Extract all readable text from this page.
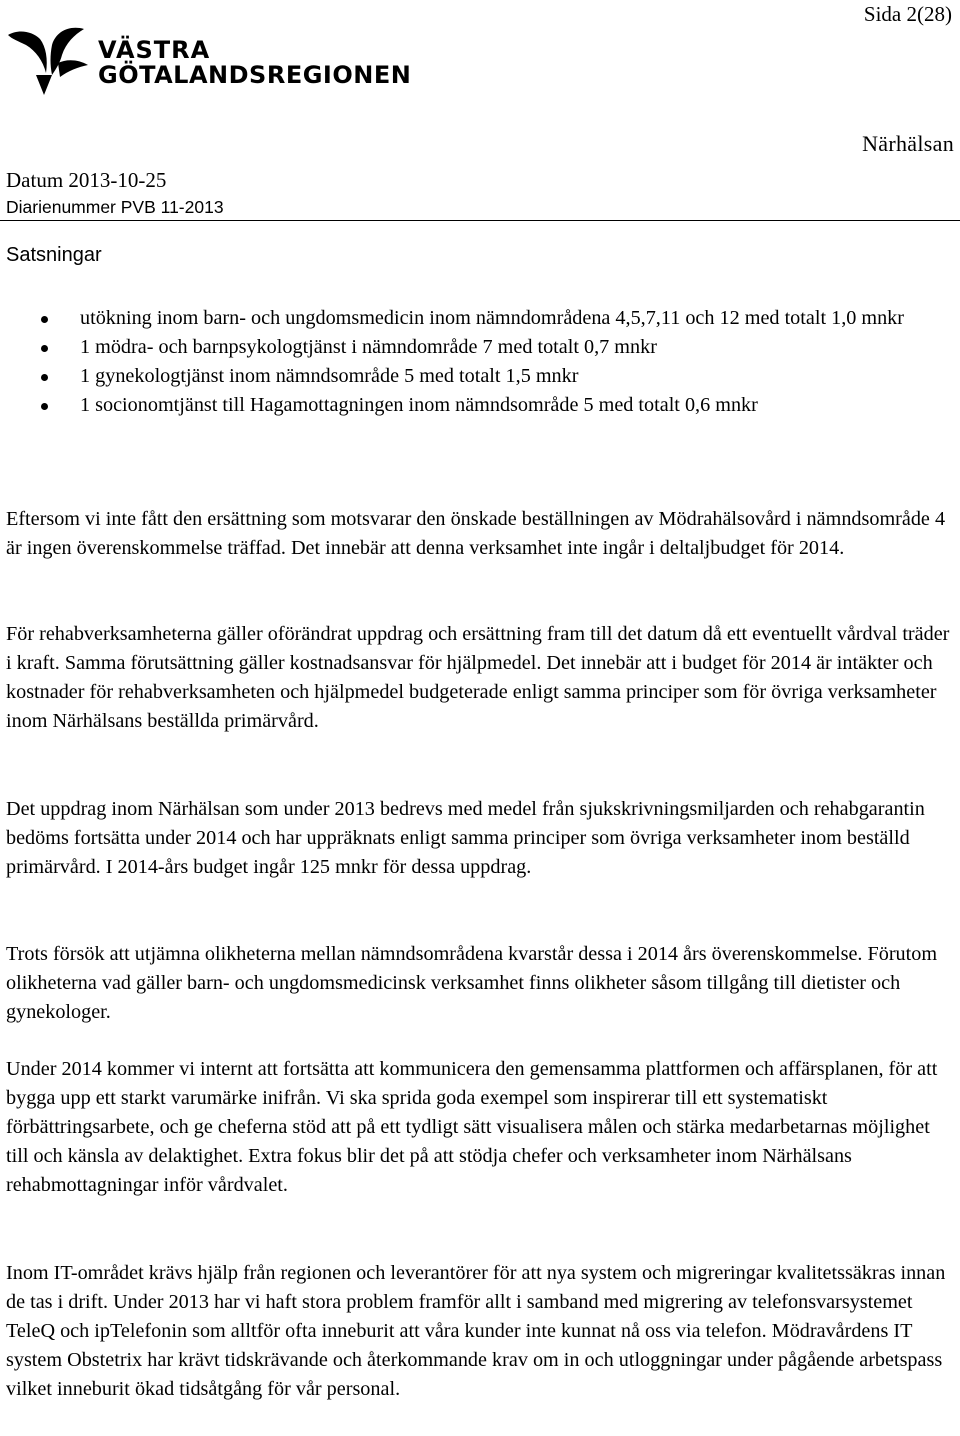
Sida 2(28)
VÄSTRA
GÖTALANDSREGIONEN
Närhälsan
Datum 2013-10-25
Diarienummer PVB 11-2013
Satsningar
utökning inom barn- och ungdomsmedicin inom nämndområdena 4,5,7,11 och 12 med totalt 1,0 mnkr
1 mödra- och barnpsykologtjänst i nämndområde 7 med totalt 0,7 mnkr
1 gynekologtjänst inom nämndsområde 5 med totalt 1,5 mnkr
1 socionomtjänst till Hagamottagningen inom nämndsområde 5 med totalt 0,6 mnkr

Eftersom vi inte fått den ersättning som motsvarar den önskade beställningen av Mödrahälsovård i nämndsområde 4 är ingen överenskommelse träffad. Det innebär att denna verksamhet inte ingår i deltaljbudget för 2014.

För rehabverksamheterna gäller oförändrat uppdrag och ersättning fram till det datum då ett eventuellt vårdval träder i kraft. Samma förutsättning gäller kostnadsansvar för hjälpmedel. Det innebär att i budget för 2014 är intäkter och kostnader för rehabverksamheten och hjälpmedel budgeterade enligt samma principer som för övriga verksamheter inom Närhälsans beställda primärvård.

Det uppdrag inom Närhälsan som under 2013 bedrevs med medel från sjukskrivningsmiljarden och rehabgarantin bedöms fortsätta under 2014 och har uppräknats enligt samma principer som övriga verksamheter inom beställd primärvård. I 2014-års budget ingår 125 mnkr för dessa uppdrag.

Trots försök att utjämna olikheterna mellan nämndsområdena kvarstår dessa i 2014 års överenskommelse. Förutom olikheterna vad gäller barn- och ungdomsmedicinsk verksamhet finns olikheter såsom tillgång till dietister och gynekologer.

Under 2014 kommer vi internt att fortsätta att kommunicera den gemensamma plattformen och affärsplanen, för att bygga upp ett starkt varumärke inifrån. Vi ska sprida goda exempel som inspirerar till ett systematiskt förbättringsarbete, och ge cheferna stöd att på ett tydligt sätt visualisera målen och stärka medarbetarnas möjlighet till och känsla av delaktighet. Extra fokus blir det på att stödja chefer och verksamheter inom Närhälsans rehabmottagningar inför vårdvalet.

Inom IT-området krävs hjälp från regionen och leverantörer för att nya system och migreringar kvalitetssäkras innan de tas i drift. Under 2013 har vi haft stora problem framför allt i samband med migrering av telefonsvarsystemet TeleQ och ipTelefonin som alltför ofta inneburit att våra kunder inte kunnat nå oss via telefon. Mödravårdens IT system Obstetrix har krävt tidskrävande och återkommande krav om in och utloggningar under pågående arbetspass vilket inneburit ökad tidsåtgång för vår personal.
